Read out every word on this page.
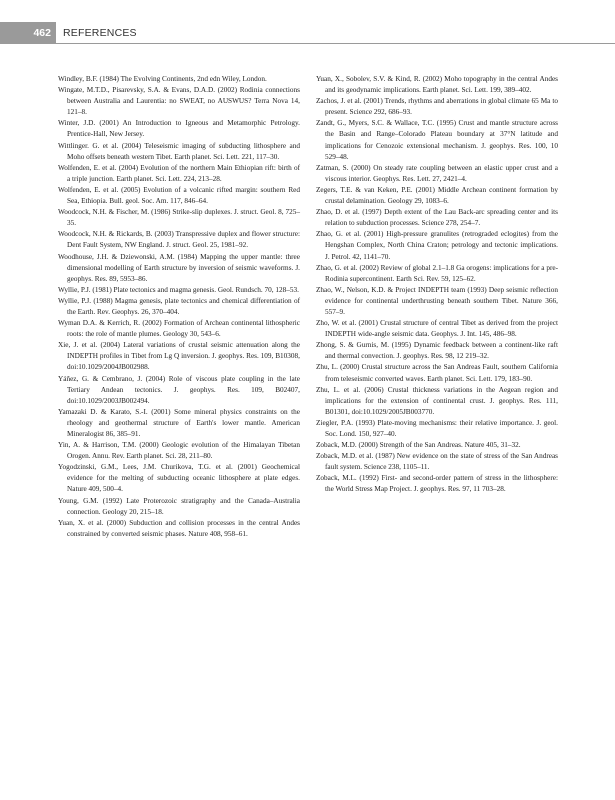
462	REFERENCES

Windley, B.F. (1984) The Evolving Continents, 2nd edn Wiley, London.

Wingate, M.T.D., Pisarevsky, S.A. & Evans, D.A.D. (2002) Rodinia connections between Australia and Laurentia: no SWEAT, no AUSWUS? Terra Nova 14, 121–8.

Winter, J.D. (2001) An Introduction to Igneous and Metamorphic Petrology. Prentice-Hall, New Jersey.

Wittlinger. G. et al. (2004) Teleseismic imaging of subducting lithosphere and Moho offsets beneath western Tibet. Earth planet. Sci. Lett. 221, 117–30.

Wolfenden, E. et al. (2004) Evolution of the northern Main Ethiopian rift: birth of a triple junction. Earth planet. Sci. Lett. 224, 213–28.

Wolfenden, E. et al. (2005) Evolution of a volcanic rifted margin: southern Red Sea, Ethiopia. Bull. geol. Soc. Am. 117, 846–64.

Woodcock, N.H. & Fischer, M. (1986) Strike-slip duplexes. J. struct. Geol. 8, 725–35.

Woodcock, N.H. & Rickards, B. (2003) Transpressive duplex and flower structure: Dent Fault System, NW England. J. struct. Geol. 25, 1981–92.

Woodhouse, J.H. & Dziewonski, A.M. (1984) Mapping the upper mantle: three dimensional modelling of Earth structure by inversion of seismic waveforms. J. geophys. Res. 89, 5953–86.

Wyllie, P.J. (1981) Plate tectonics and magma genesis. Geol. Rundsch. 70, 128–53.

Wyllie, P.J. (1988) Magma genesis, plate tectonics and chemical differentiation of the Earth. Rev. Geophys. 26, 370–404.

Wyman D.A. & Kerrich, R. (2002) Formation of Archean continental lithospheric roots: the role of mantle plumes. Geology 30, 543–6.

Xie, J. et al. (2004) Lateral variations of crustal seismic attenuation along the INDEPTH profiles in Tibet from Lg Q inversion. J. geophys. Res. 109, B10308, doi:10.1029/2004JB002988.

Yáñez, G. & Cembrano, J. (2004) Role of viscous plate coupling in the late Tertiary Andean tectonics. J. geophys. Res. 109, B02407, doi:10.1029/2003JB002494.

Yamazaki D. & Karato, S.-I. (2001) Some mineral physics constraints on the rheology and geothermal structure of Earth's lower mantle. American Mineralogist 86, 385–91.

Yin, A. & Harrison, T.M. (2000) Geologic evolution of the Himalayan Tibetan Orogen. Annu. Rev. Earth planet. Sci. 28, 211–80.

Yogodzinski, G.M., Lees, J.M. Churikova, T.G. et al. (2001) Geochemical evidence for the melting of subducting oceanic lithosphere at plate edges. Nature 409, 500–4.

Young, G.M. (1992) Late Proterozoic stratigraphy and the Canada–Australia connection. Geology 20, 215–18.

Yuan, X. et al. (2000) Subduction and collision processes in the central Andes constrained by converted seismic phases. Nature 408, 958–61.

Yuan, X., Sobolev, S.V. & Kind, R. (2002) Moho topography in the central Andes and its geodynamic implications. Earth planet. Sci. Lett. 199, 389–402.

Zachos, J. et al. (2001) Trends, rhythms and aberrations in global climate 65 Ma to present. Science 292, 686–93.

Zandt, G., Myers, S.C. & Wallace, T.C. (1995) Crust and mantle structure across the Basin and Range–Colorado Plateau boundary at 37°N latitude and implications for Cenozoic extensional mechanism. J. geophys. Res. 100, 10 529–48.

Zatman, S. (2000) On steady rate coupling between an elastic upper crust and a viscous interior. Geophys. Res. Lett. 27, 2421–4.

Zegers, T.E. & van Keken, P.E. (2001) Middle Archean continent formation by crustal delamination. Geology 29, 1083–6.

Zhao, D. et al. (1997) Depth extent of the Lau Back-arc spreading center and its relation to subduction processes. Science 278, 254–7.

Zhao, G. et al. (2001) High-pressure granulites (retrograded eclogites) from the Hengshan Complex, North China Craton; petrology and tectonic implications. J. Petrol. 42, 1141–70.

Zhao, G. et al. (2002) Review of global 2.1–1.8 Ga orogens: implications for a pre-Rodinia supercontinent. Earth Sci. Rev. 59, 125–62.

Zhao, W., Nelson, K.D. & Project INDEPTH team (1993) Deep seismic reflection evidence for continental underthrusting beneath southern Tibet. Nature 366, 557–9.

Zho, W. et al. (2001) Crustal structure of central Tibet as derived from the project INDEPTH wide-angle seismic data. Geophys. J. Int. 145, 486–98.

Zhong, S. & Gurnis, M. (1995) Dynamic feedback between a continent-like raft and thermal convection. J. geophys. Res. 98, 12 219–32.

Zhu, L. (2000) Crustal structure across the San Andreas Fault, southern California from teleseismic converted waves. Earth planet. Sci. Lett. 179, 183–90.

Zhu, L. et al. (2006) Crustal thickness variations in the Aegean region and implications for the extension of continental crust. J. geophys. Res. 111, B01301, doi:10.1029/2005JB003770.

Ziegler, P.A. (1993) Plate-moving mechanisms: their relative importance. J. geol. Soc. Lond. 150, 927–40.

Zoback, M.D. (2000) Strength of the San Andreas. Nature 405, 31–32.

Zoback, M.D. et al. (1987) New evidence on the state of stress of the San Andreas fault system. Science 238, 1105–11.

Zoback, M.L. (1992) First- and second-order pattern of stress in the lithosphere: the World Stress Map Project. J. geophys. Res. 97, 11 703–28.
